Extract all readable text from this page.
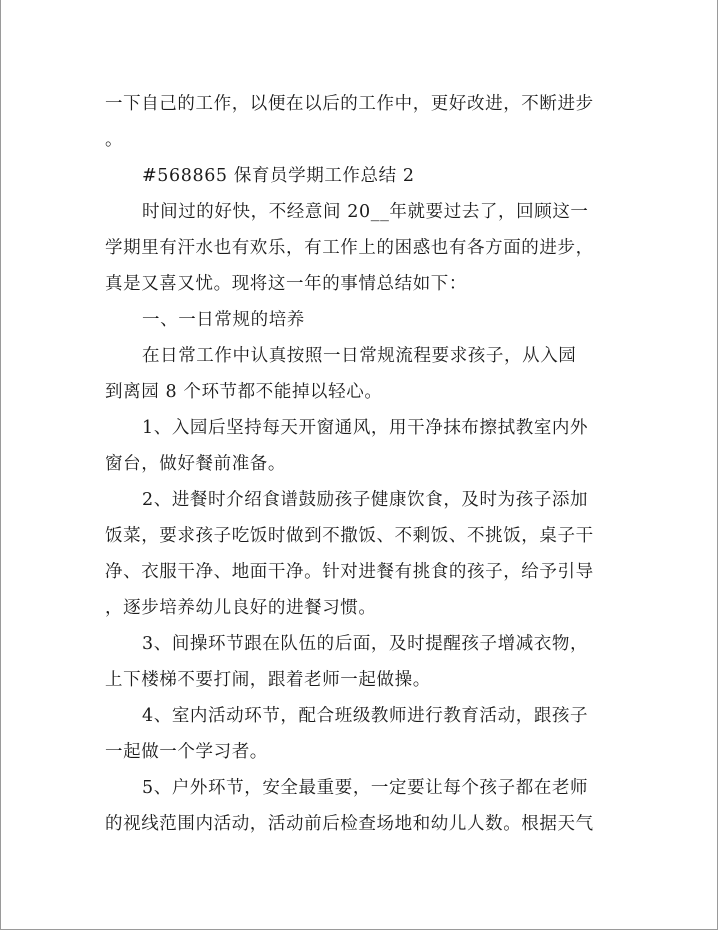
一下自己的工作，以便在以后的工作中，更好改进，不断进步
。

#568865 保育员学期工作总结 2

时间过的好快，不经意间 20__年就要过去了，回顾这一
学期里有汗水也有欢乐，有工作上的困惑也有各方面的进步，
真是又喜又忧。现将这一年的事情总结如下：

一、一日常规的培养

在日常工作中认真按照一日常规流程要求孩子，从入园
到离园 8 个环节都不能掉以轻心。

1、入园后坚持每天开窗通风，用干净抹布擦拭教室内外
窗台，做好餐前准备。

2、进餐时介绍食谱鼓励孩子健康饮食，及时为孩子添加
饭菜，要求孩子吃饭时做到不撒饭、不剩饭、不挑饭，桌子干
净、衣服干净、地面干净。针对进餐有挑食的孩子，给予引导
，逐步培养幼儿良好的进餐习惯。

3、间操环节跟在队伍的后面，及时提醒孩子增减衣物，
上下楼梯不要打闹，跟着老师一起做操。

4、室内活动环节，配合班级教师进行教育活动，跟孩子
一起做一个学习者。

5、户外环节，安全最重要，一定要让每个孩子都在老师
的视线范围内活动，活动前后检查场地和幼儿人数。根据天气
